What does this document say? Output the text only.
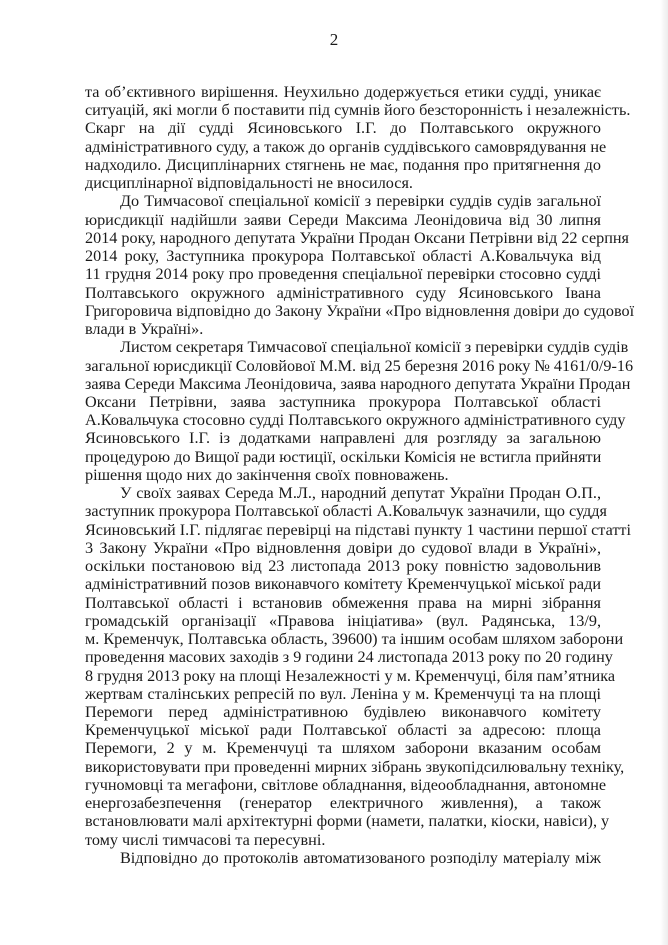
2
та об’єктивного вирішення. Неухильно додержується етики судді, уникає
ситуацій, які могли б поставити під сумнів його безсторонність і незалежність.
Скарг на дії судді Ясиновського І.Г. до Полтавського окружного
адміністративного суду, а також до органів суддівського самоврядування не
надходило. Дисциплінарних стягнень не має, подання про притягнення до
дисциплінарної відповідальності не вносилося.
До Тимчасової спеціальної комісії з перевірки суддів судів загальної
юрисдикції надійшли заяви Середи Максима Леонідовича від 30 липня
2014 року, народного депутата України Продан Оксани Петрівни від 22 серпня
2014 року, Заступника прокурора Полтавської області А.Ковальчука від
11 грудня 2014 року про проведення спеціальної перевірки стосовно судді
Полтавського окружного адміністративного суду Ясиновського Івана
Григоровича відповідно до Закону України «Про відновлення довіри до судової
влади в Україні».
Листом секретаря Тимчасової спеціальної комісії з перевірки суддів судів
загальної юрисдикції Соловйової М.М. від 25 березня 2016 року № 4161/0/9-16
заява Середи Максима Леонідовича, заява народного депутата України Продан
Оксани Петрівни, заява заступника прокурора Полтавської області
А.Ковальчука стосовно судді Полтавського окружного адміністративного суду
Ясиновського І.Г. із додатками направлені для розгляду за загальною
процедурою до Вищої ради юстиції, оскільки Комісія не встигла прийняти
рішення щодо них до закінчення своїх повноважень.
У своїх заявах Середа М.Л., народний депутат України Продан О.П.,
заступник прокурора Полтавської області А.Ковальчук зазначили, що суддя
Ясиновський І.Г. підлягає перевірці на підставі пункту 1 частини першої статті
3 Закону України «Про відновлення довіри до судової влади в Україні»,
оскільки постановою від 23 листопада 2013 року повністю задовольнив
адміністративний позов виконавчого комітету Кременчуцької міської ради
Полтавської області і встановив обмеження права на мирні зібрання
громадській організації «Правова ініціатива» (вул. Радянська, 13/9,
м. Кременчук, Полтавська область, 39600) та іншим особам шляхом заборони
проведення масових заходів з 9 години 24 листопада 2013 року по 20 годину
8 грудня 2013 року на площі Незалежності у м. Кременчуці, біля пам’ятника
жертвам сталінських репресій по вул. Леніна у м. Кременчуці та на площі
Перемоги перед адміністративною будівлею виконавчого комітету
Кременчуцької міської ради Полтавської області за адресою: площа
Перемоги, 2 у м. Кременчуці та шляхом заборони вказаним особам
використовувати при проведенні мирних зібрань звукопідсилювальну техніку,
гучномовці та мегафони, світлове обладнання, відеообладнання, автономне
енергозабезпечення (генератор електричного живлення), а також
встановлювати малі архітектурні форми (намети, палатки, кіоски, навіси), у
тому числі тимчасові та пересувні.
Відповідно до протоколів автоматизованого розподілу матеріалу між
